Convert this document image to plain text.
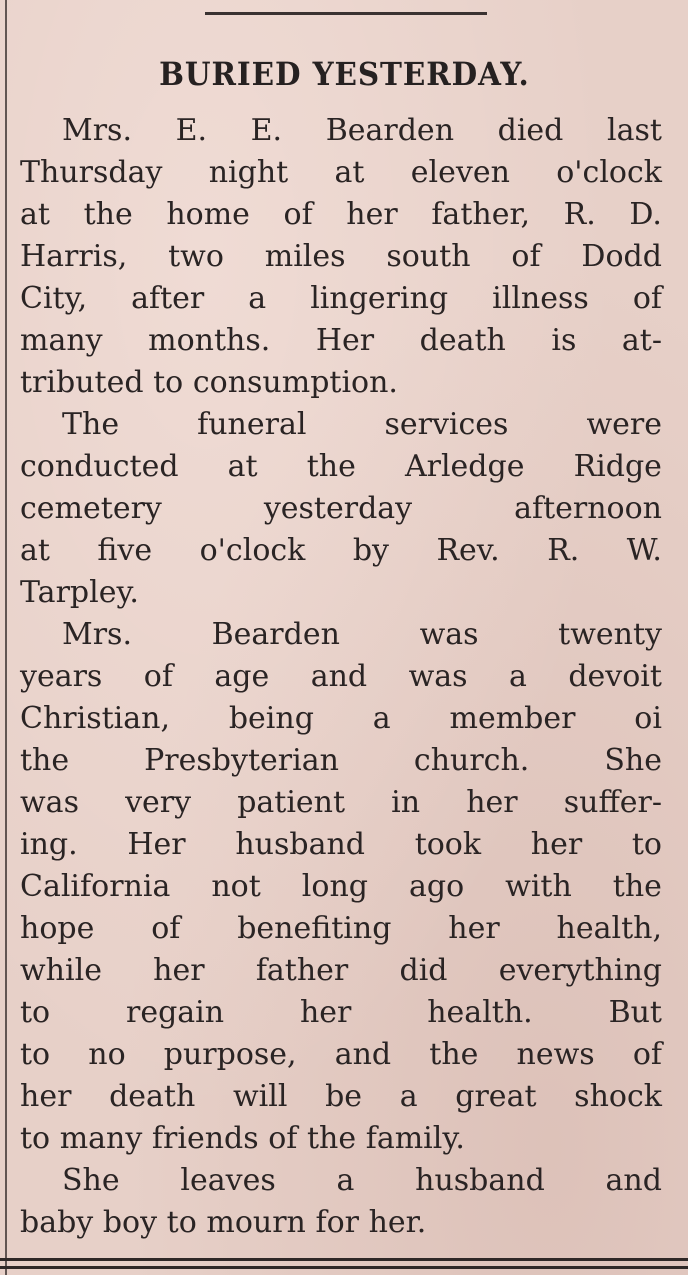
BURIED YESTERDAY.
Mrs. E. E. Bearden died last
Thursday night at eleven o'clock
at the home of her father, R. D.
Harris, two miles south of Dodd
City, after a lingering illness of
many months. Her death is at-
tributed to consumption.
The	funeral	services	were
conducted at the Arledge Ridge
cemetery	yesterday	afternoon
at five o'clock by Rev. R. W.
Tarpley.
Mrs.	Bearden	was	twenty
years of age and was a devoit
Christian, being a member oi
the Presbyterian church. She
was very patient in her suffer-
ing. Her husband took her to
California not long ago with the
hope of benefiting her health,
while her father did everything
to	regain	her	health.	But
to no purpose, and the news of
her death will be a great shock
to many friends of the family.
She leaves a husband and
baby boy to mourn for her.
